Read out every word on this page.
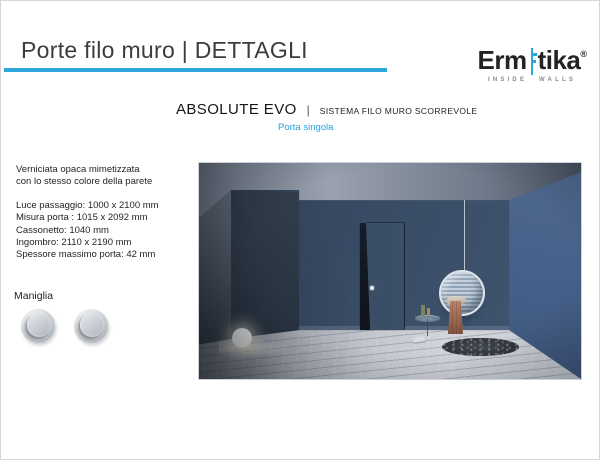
Porte filo muro | DETTAGLI	Erm tika®
INSIDE WALLS
ABSOLUTE EVO | SISTEMA FILO MURO SCORREVOLE
Porta singola
Verniciata opaca mimetizzata
con lo stesso colore della parete
Luce passaggio: 1000 x 2100 mm
Misura porta : 1015 x 2092 mm
Cassonetto: 1040 mm
Ingombro: 2110 x 2190 mm
Spessore massimo porta: 42 mm
Maniglia
